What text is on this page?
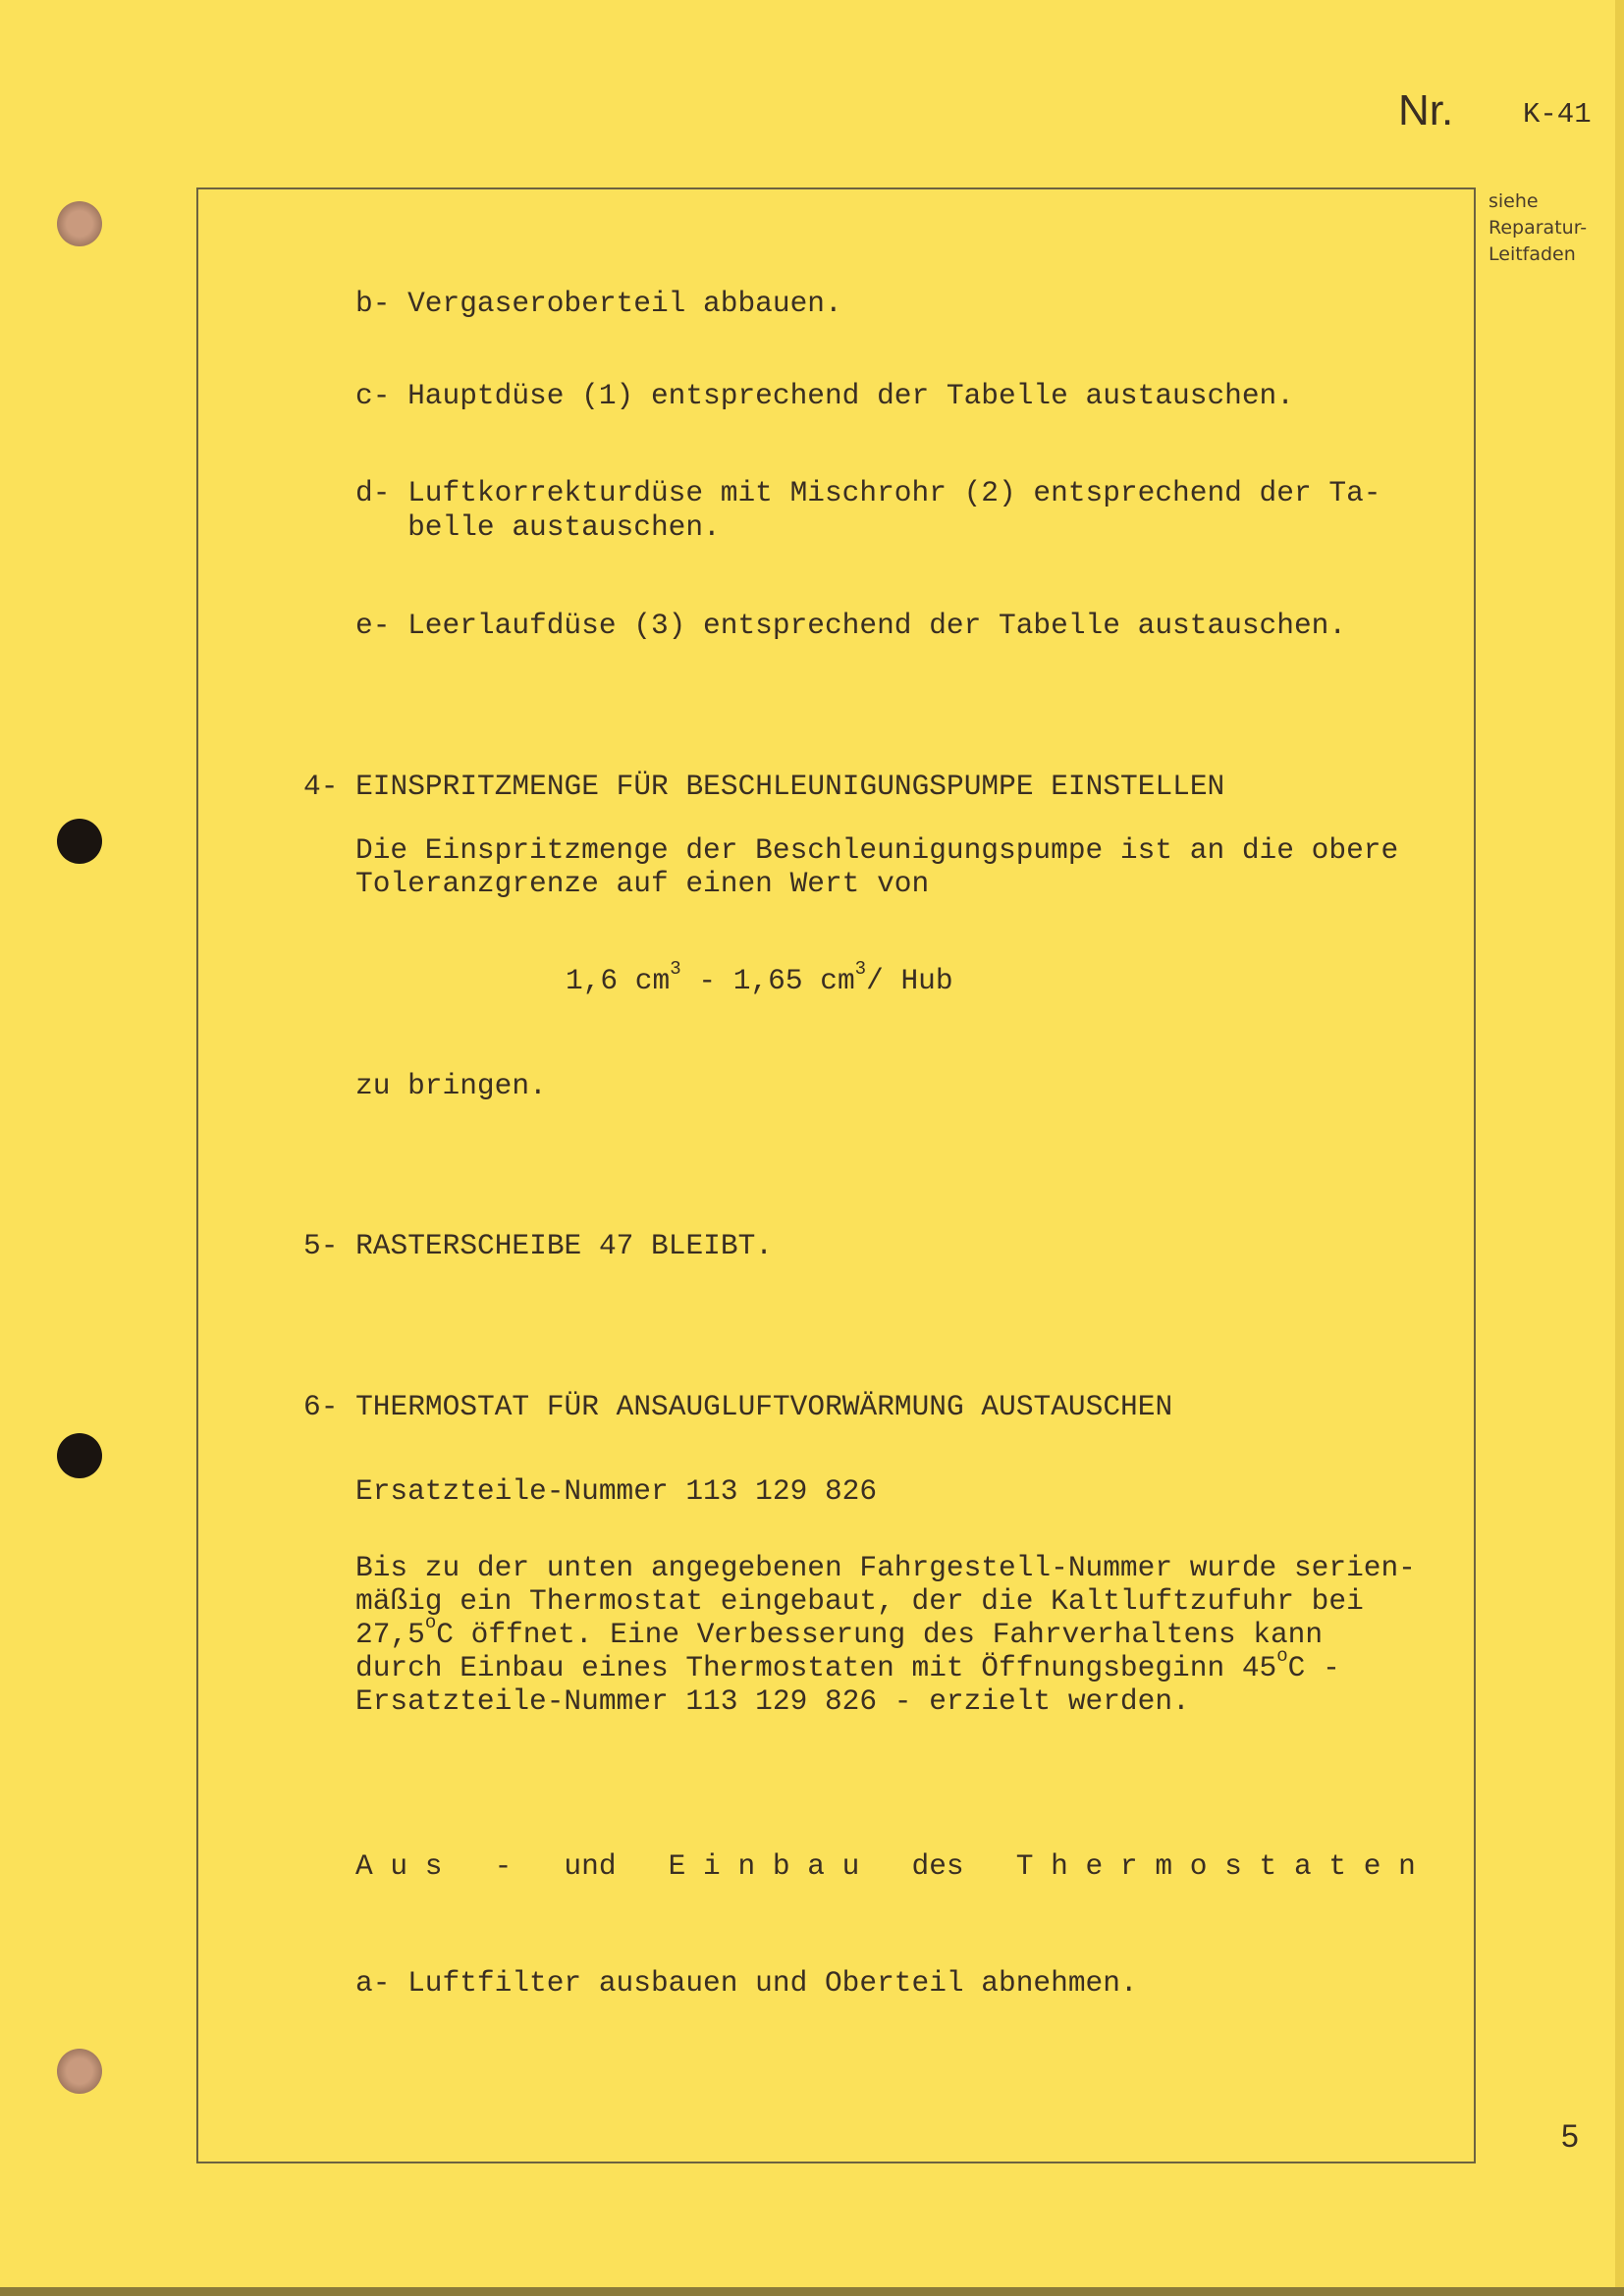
Nr. K-41
siehe
Reparatur-
Leitfaden
b- Vergaseroberteil abbauen.
c- Hauptdüse (1) entsprechend der Tabelle austauschen.
d- Luftkorrekturdüse mit Mischrohr (2) entsprechend der Ta-
belle austauschen.
e- Leerlaufdüse (3) entsprechend der Tabelle austauschen.
4- EINSPRITZMENGE FÜR BESCHLEUNIGUNGSPUMPE EINSTELLEN
Die Einspritzmenge der Beschleunigungspumpe ist an die obere
Toleranzgrenze auf einen Wert von
1,6 $cm^3 - 1,65$ $cm^3/$ Hub
zu bringen.
5- RASTERSCHEIBE 47 BLEIBT.
6- THERMOSTAT FÜR ANSAUGLUFTVORWÄRMUNG AUSTAUSCHEN
Ersatzteile-Nummer 113 129 826
Bis zu der unten angegebenen Fahrgestell-Nummer wurde serien-
mäßig ein Thermostat eingebaut, der die Kaltluftzufuhr bei
27,5$^o$C öffnet. Eine Verbesserung des Fahrverhaltens kann
durch Einbau eines Thermostaten mit Öffnungsbeginn 45$^o$C -
Ersatzteile-Nummer 113 129 826 - erzielt werden.
A u s   -   und   E i n b a u   des   T h e r m o s t a t e n
a- Luftfilter ausbauen und Oberteil abnehmen.
5
